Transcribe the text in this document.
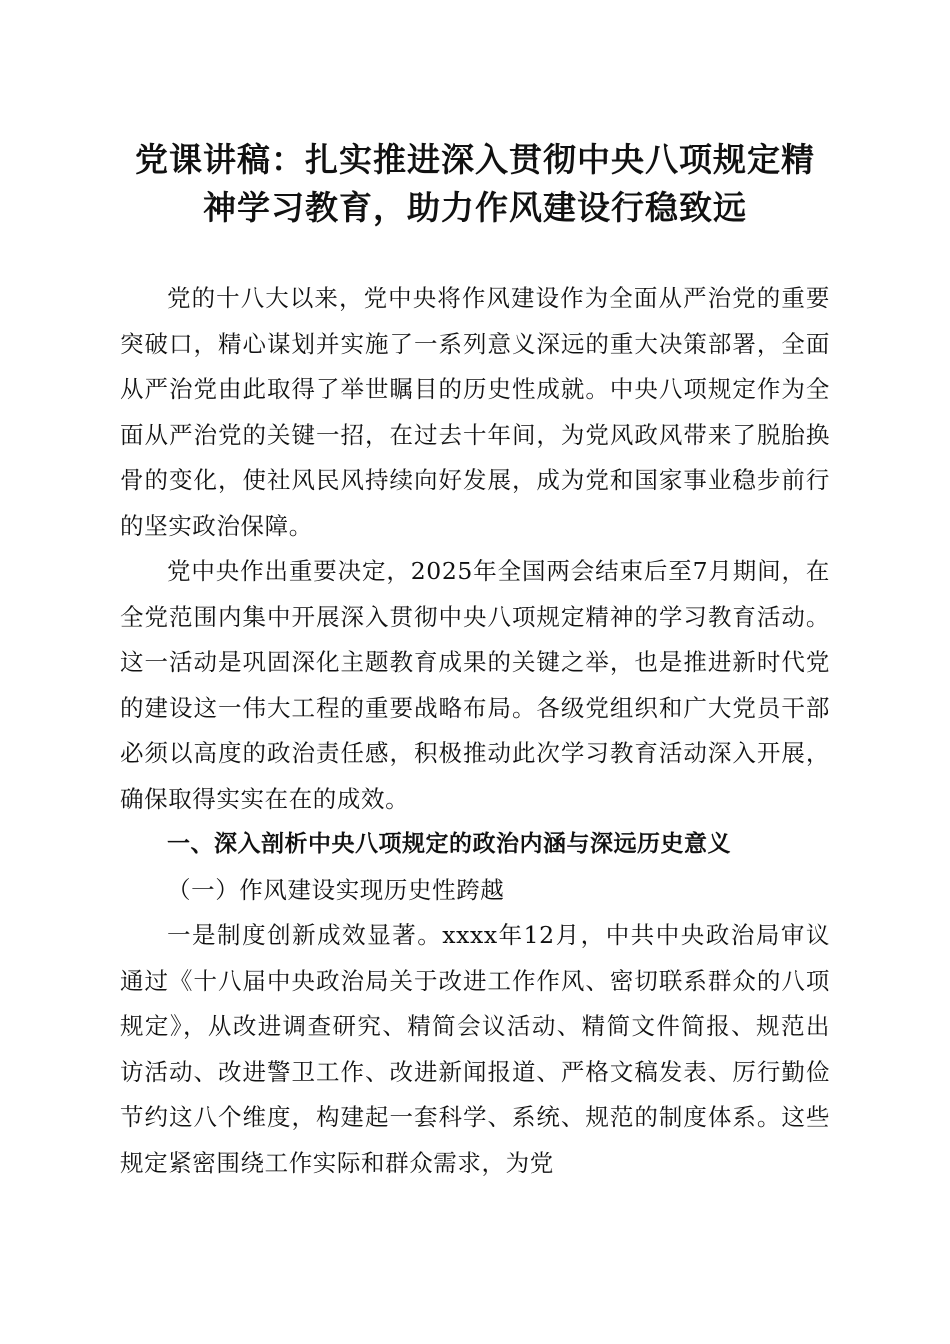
党课讲稿：扎实推进深入贯彻中央八项规定精
神学习教育，助力作风建设行稳致远

党的十八大以来，党中央将作风建设作为全面从严治党的重要突破口，精心谋划并实施了一系列意义深远的重大决策部署，全面从严治党由此取得了举世瞩目的历史性成就。中央八项规定作为全面从严治党的关键一招，在过去十年间，为党风政风带来了脱胎换骨的变化，使社风民风持续向好发展，成为党和国家事业稳步前行的坚实政治保障。

党中央作出重要决定，2025年全国两会结束后至7月期间，在全党范围内集中开展深入贯彻中央八项规定精神的学习教育活动。这一活动是巩固深化主题教育成果的关键之举，也是推进新时代党的建设这一伟大工程的重要战略布局。各级党组织和广大党员干部必须以高度的政治责任感，积极推动此次学习教育活动深入开展，确保取得实实在在的成效。

一、深入剖析中央八项规定的政治内涵与深远历史意义

（一）作风建设实现历史性跨越

一是制度创新成效显著。xxxx年12月，中共中央政治局审议通过《十八届中央政治局关于改进工作作风、密切联系群众的八项规定》，从改进调查研究、精简会议活动、精简文件简报、规范出访活动、改进警卫工作、改进新闻报道、严格文稿发表、厉行勤俭节约这八个维度，构建起一套科学、系统、规范的制度体系。这些规定紧密围绕工作实际和群众需求，为党
